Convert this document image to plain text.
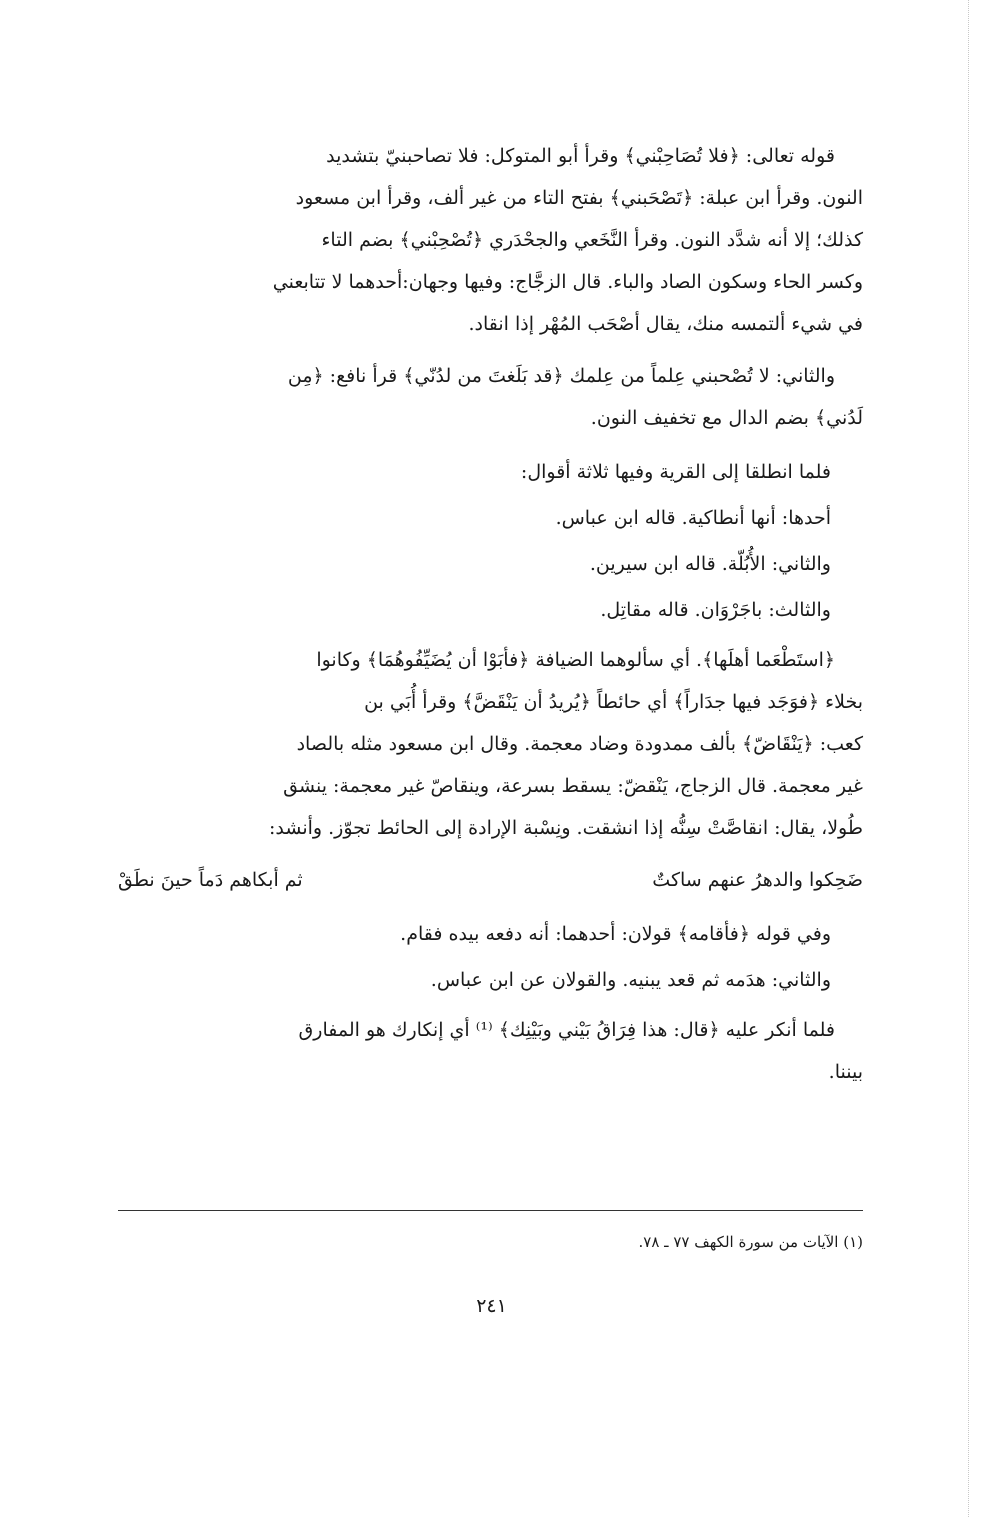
قوله تعالى: ﴿فلا تُصَاحِبْني﴾ وقرأ أبو المتوكل: فلا تصاحبنيّ بتشديد
النون. وقرأ ابن عبلة: ﴿تَصْحَبني﴾ بفتح التاء من غير ألف، وقرأ ابن مسعود
كذلك؛ إلا أنه شدَّد النون. وقرأ النَّخَعي والجحْدَري ﴿تُصْحِبْني﴾ بضم التاء
وكسر الحاء وسكون الصاد والباء. قال الزجَّاج: وفيها وجهان:أحدهما لا تتابعني
في شيء ألتمسه منك، يقال أصْحَب المُهْر إذا انقاد.
والثاني: لا تُصْحبني عِلماً من عِلمك ﴿قد بَلَغتَ من لدُنّي﴾ قرأ نافع: ﴿مِن
لَدُني﴾ بضم الدال مع تخفيف النون.
فلما انطلقا إلى القرية وفيها ثلاثة أقوال:
أحدها: أنها أنطاكية. قاله ابن عباس.
والثاني: الأُبُلّة. قاله ابن سيرين.
والثالث: باجَرْوَان. قاله مقاتِل.
﴿استَطْعَما أهلَها﴾. أي سألوهما الضيافة ﴿فأبَوْا أن يُضَيِّفُوهُمَا﴾ وكانوا
بخلاء ﴿فوَجَد فيها جدَاراً﴾ أي حائطاً ﴿يُريدُ أن يَنْقَضَّ﴾ وقرأ أُبَي بن
كعب: ﴿يَنْقَاضّ﴾ بألف ممدودة وضاد معجمة. وقال ابن مسعود مثله بالصاد
غير معجمة. قال الزجاج، يَنْقضّ: يسقط بسرعة، وينقاصّ غير معجمة: ينشق
طُولا، يقال: انقاصَّتْ سِنُّه إذا انشقت. ونِسْبة الإرادة إلى الحائط تجوّز. وأنشد:
ضَحِكوا والدهرُ عنهم ساكتٌ
ثم أبكاهم دَماً حينَ نطَقْ
وفي قوله ﴿فأقامه﴾ قولان: أحدهما: أنه دفعه بيده فقام.
والثاني: هدَمه ثم قعد يبنيه. والقولان عن ابن عباس.
فلما أنكر عليه ﴿قال: هذا فِرَاقُ بَيْني وبَيْنِك﴾ ⁽¹⁾ أي إنكارك هو المفارق
بيننا.
(١) الآيات من سورة الكهف ٧٧ ـ ٧٨.
٢٤١
